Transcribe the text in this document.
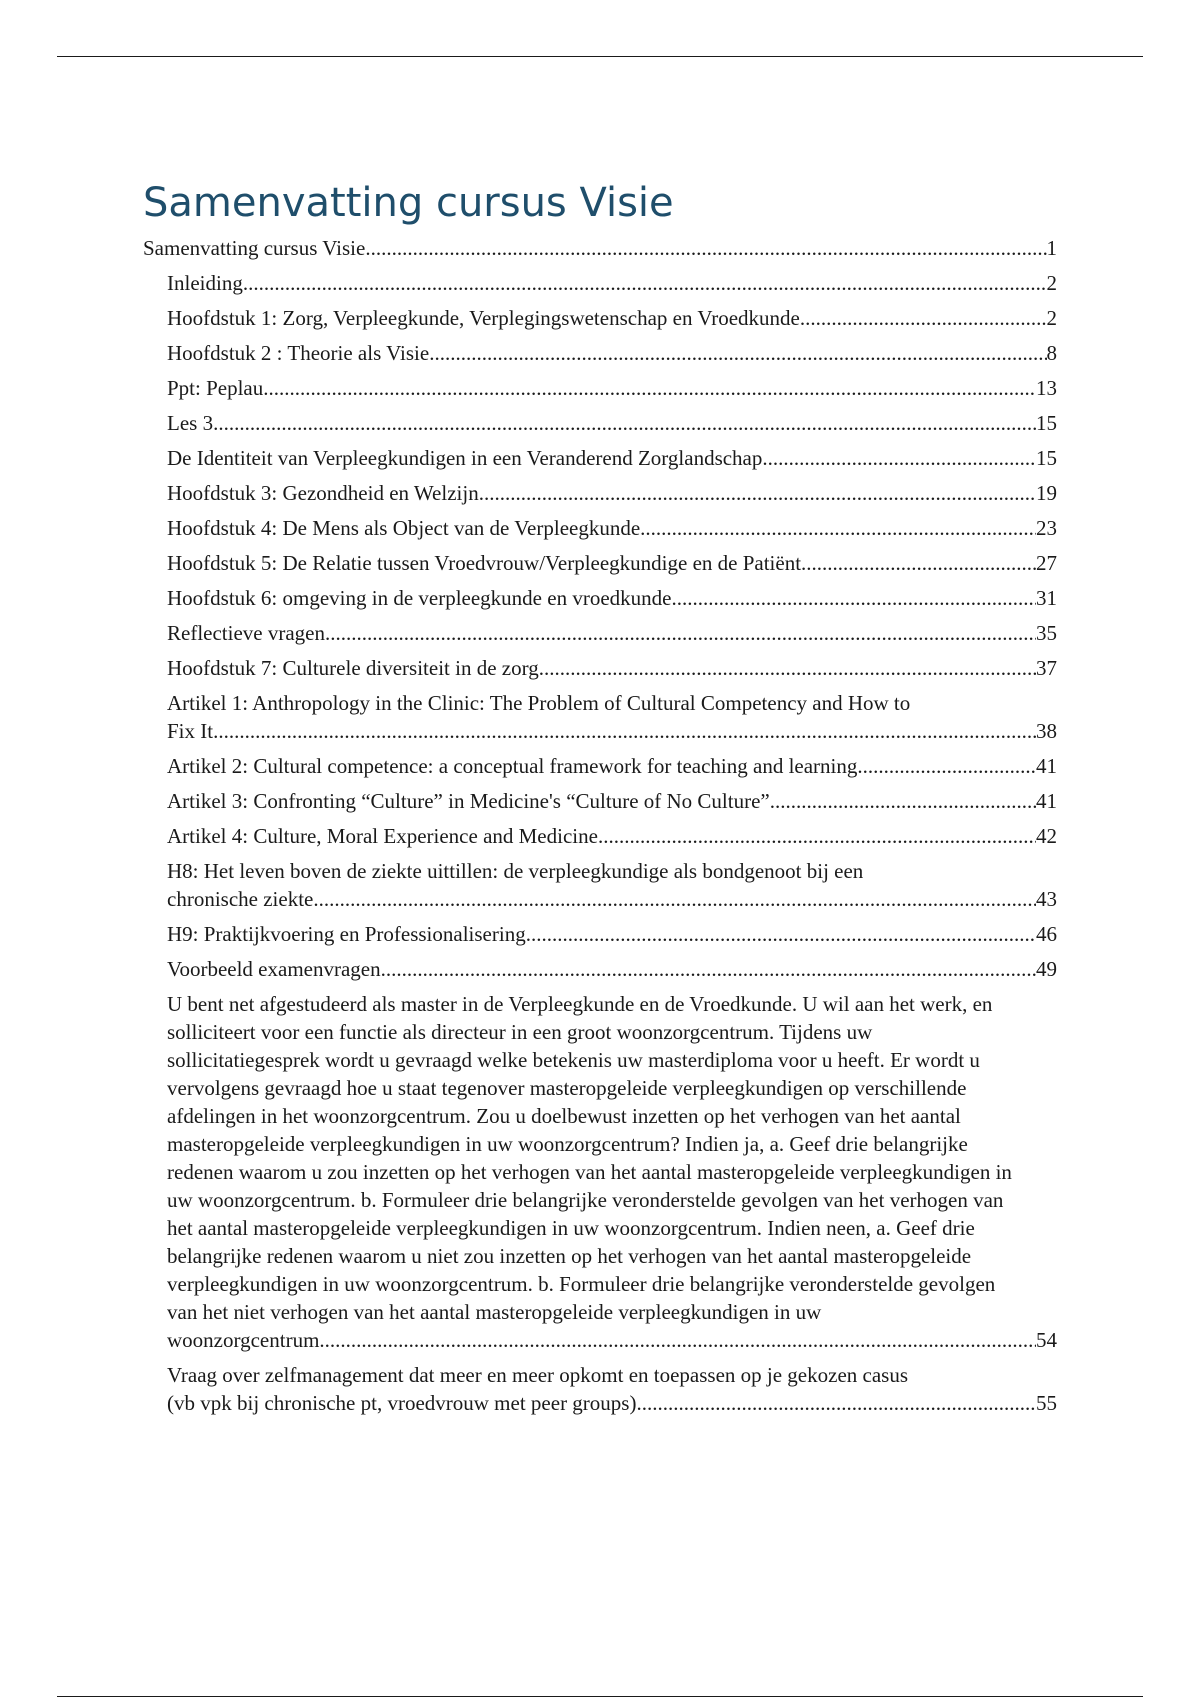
Samenvatting cursus Visie
Samenvatting cursus Visie .....	1
Inleiding .....	2
Hoofdstuk 1: Zorg, Verpleegkunde, Verplegingswetenschap en Vroedkunde .....	2
Hoofdstuk 2 : Theorie als Visie .....	8
Ppt: Peplau .....	13
Les 3 .....	15
De Identiteit van Verpleegkundigen in een Veranderend Zorglandschap .....	15
Hoofdstuk 3: Gezondheid en Welzijn .....	19
Hoofdstuk 4: De Mens als Object van de Verpleegkunde .....	23
Hoofdstuk 5: De Relatie tussen Vroedvrouw/Verpleegkundige en de Patiënt .....	27
Hoofdstuk 6: omgeving in de verpleegkunde en vroedkunde .....	31
Reflectieve vragen .....	35
Hoofdstuk 7: Culturele diversiteit in de zorg .....	37
Artikel 1: Anthropology in the Clinic: The Problem of Cultural Competency and How to
Fix It .....	38
Artikel 2: Cultural competence: a conceptual framework for teaching and learning .....	41
Artikel 3: Confronting “Culture” in Medicine's “Culture of No Culture” .....	41
Artikel 4: Culture, Moral Experience and Medicine .....	42
H8: Het leven boven de ziekte uittillen: de verpleegkundige als bondgenoot bij een
chronische ziekte .....	43
H9: Praktijkvoering en Professionalisering .....	46
Voorbeeld examenvragen .....	49
U bent net afgestudeerd als master in de Verpleegkunde en de Vroedkunde. U wil aan het werk, en solliciteert voor een functie als directeur in een groot woonzorgcentrum. Tijdens uw sollicitatiegesprek wordt u gevraagd welke betekenis uw masterdiploma voor u heeft. Er wordt u vervolgens gevraagd hoe u staat tegenover masteropgeleide verpleegkundigen op verschillende afdelingen in het woonzorgcentrum. Zou u doelbewust inzetten op het verhogen van het aantal masteropgeleide verpleegkundigen in uw woonzorgcentrum? Indien ja, a. Geef drie belangrijke redenen waarom u zou inzetten op het verhogen van het aantal masteropgeleide verpleegkundigen in uw woonzorgcentrum. b. Formuleer drie belangrijke veronderstelde gevolgen van het verhogen van het aantal masteropgeleide verpleegkundigen in uw woonzorgcentrum. Indien neen, a. Geef drie belangrijke redenen waarom u niet zou inzetten op het verhogen van het aantal masteropgeleide verpleegkundigen in uw woonzorgcentrum. b. Formuleer drie belangrijke veronderstelde gevolgen van het niet verhogen van het aantal masteropgeleide verpleegkundigen in uw
woonzorgcentrum .....	54
Vraag over zelfmanagement dat meer en meer opkomt en toepassen op je gekozen casus
(vb vpk bij chronische pt, vroedvrouw met peer groups) .....	55
